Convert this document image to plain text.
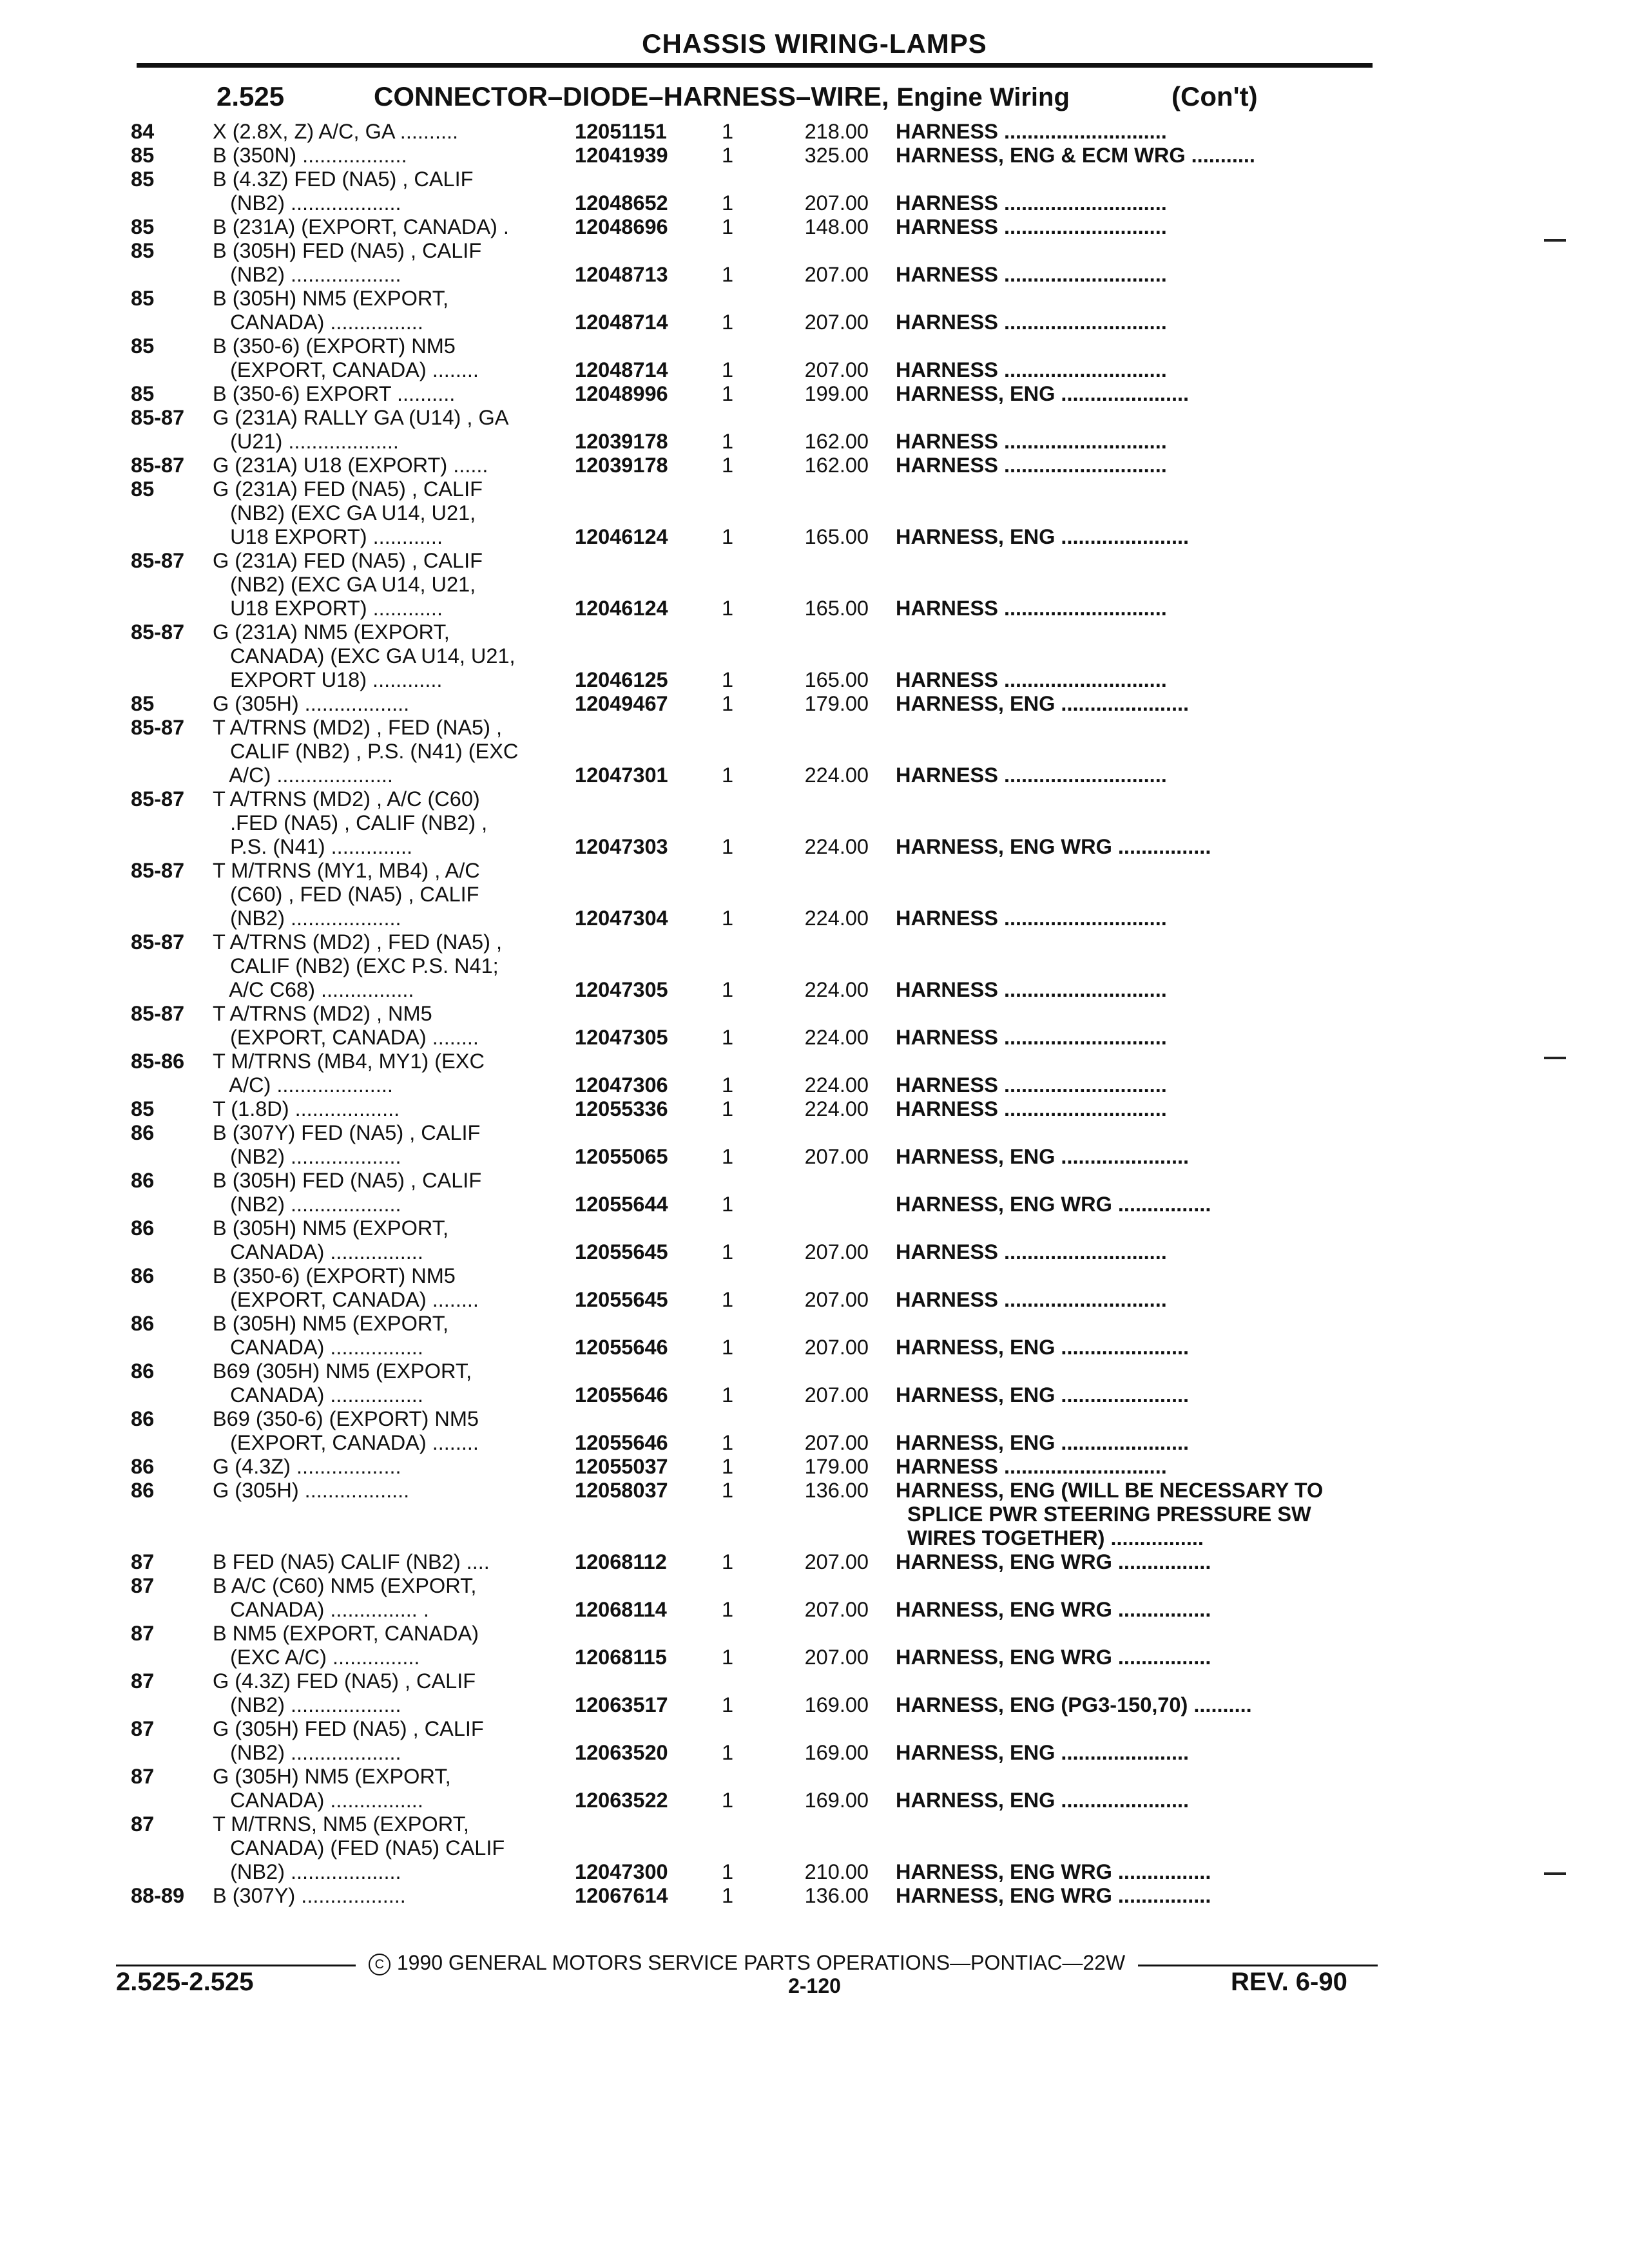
CHASSIS WIRING-LAMPS
2.525	CONNECTOR–DIODE–HARNESS–WIRE, Engine Wiring	(Con't)
84	X (2.8X, Z) A/C, GA ..........	12051151	1	218.00 HARNESS ............................
85	B (350N) ..................	12041939	1	325.00 HARNESS, ENG & ECM WRG ...........
85	B (4.3Z) FED (NA5) , CALIF
(NB2) ...................	12048652	1	207.00 HARNESS ............................
85	B (231A) (EXPORT, CANADA) .	12048696	1	148.00 HARNESS ............................
85	B (305H) FED (NA5) , CALIF
(NB2) ...................	12048713	1	207.00 HARNESS ............................
85	B (305H) NM5 (EXPORT,
CANADA) ................	12048714	1	207.00 HARNESS ............................
85	B (350-6) (EXPORT) NM5
(EXPORT, CANADA) ........	12048714	1	207.00 HARNESS ............................
85	B (350-6) EXPORT ..........	12048996	1	199.00 HARNESS, ENG ......................
85-87	G (231A) RALLY GA (U14) , GA
(U21) ...................	12039178	1	162.00 HARNESS ............................
85-87	G (231A) U18 (EXPORT) ......	12039178	1	162.00 HARNESS ............................
85	G (231A) FED (NA5) , CALIF
(NB2) (EXC GA U14, U21,
U18 EXPORT) ............	12046124	1	165.00 HARNESS, ENG ......................
85-87	G (231A) FED (NA5) , CALIF
(NB2) (EXC GA U14, U21,
U18 EXPORT) ............	12046124	1	165.00 HARNESS ............................
85-87	G (231A) NM5 (EXPORT,
CANADA) (EXC GA U14, U21,
EXPORT U18) ............	12046125	1	165.00 HARNESS ............................
85	G (305H) ..................	12049467	1	179.00 HARNESS, ENG ......................
85-87	T A/TRNS (MD2) , FED (NA5) ,
CALIF (NB2) , P.S. (N41) (EXC
A/C) ....................	12047301	1	224.00 HARNESS ............................
85-87	T A/TRNS (MD2) , A/C (C60)
.FED (NA5) , CALIF (NB2) ,
P.S. (N41) ..............	12047303	1	224.00 HARNESS, ENG WRG ................
85-87	T M/TRNS (MY1, MB4) , A/C
(C60) , FED (NA5) , CALIF
(NB2) ...................	12047304	1	224.00 HARNESS ............................
85-87	T A/TRNS (MD2) , FED (NA5) ,
CALIF (NB2) (EXC P.S. N41;
A/C C68) ................	12047305	1	224.00 HARNESS ............................
85-87	T A/TRNS (MD2) , NM5
(EXPORT, CANADA) ........	12047305	1	224.00 HARNESS ............................
85-86	T M/TRNS (MB4, MY1) (EXC
A/C) ....................	12047306	1	224.00 HARNESS ............................
85	T (1.8D) ..................	12055336	1	224.00 HARNESS ............................
86	B (307Y) FED (NA5) , CALIF
(NB2) ...................	12055065	1	207.00 HARNESS, ENG ......................
86	B (305H) FED (NA5) , CALIF
(NB2) ...................	12055644	1	HARNESS, ENG WRG ................
86	B (305H) NM5 (EXPORT,
CANADA) ................	12055645	1	207.00 HARNESS ............................
86	B (350-6) (EXPORT) NM5
(EXPORT, CANADA) ........	12055645	1	207.00 HARNESS ............................
86	B (305H) NM5 (EXPORT,
CANADA) ................	12055646	1	207.00 HARNESS, ENG ......................
86	B69 (305H) NM5 (EXPORT,
CANADA) ................	12055646	1	207.00 HARNESS, ENG ......................
86	B69 (350-6) (EXPORT) NM5
(EXPORT, CANADA) ........	12055646	1	207.00 HARNESS, ENG ......................
86	G (4.3Z) ..................	12055037	1	179.00 HARNESS ............................
86	G (305H) ..................	12058037	1	136.00 HARNESS, ENG (WILL BE NECESSARY TO
SPLICE PWR STEERING PRESSURE SW
WIRES TOGETHER) ................
87	B FED (NA5) CALIF (NB2) ....	12068112	1	207.00 HARNESS, ENG WRG ................
87	B A/C (C60) NM5 (EXPORT,
CANADA) ............... .	12068114	1	207.00 HARNESS, ENG WRG ................
87	B NM5 (EXPORT, CANADA)
(EXC A/C) ...............	12068115	1	207.00 HARNESS, ENG WRG ................
87	G (4.3Z) FED (NA5) , CALIF
(NB2) ...................	12063517	1	169.00 HARNESS, ENG (PG3-150,70) ..........
87	G (305H) FED (NA5) , CALIF
(NB2) ...................	12063520	1	169.00 HARNESS, ENG ......................
87	G (305H) NM5 (EXPORT,
CANADA) ................	12063522	1	169.00 HARNESS, ENG ......................
87	T M/TRNS, NM5 (EXPORT,
CANADA) (FED (NA5) CALIF
(NB2) ...................	12047300	1	210.00 HARNESS, ENG WRG ................
88-89	B (307Y) ..................	12067614	1	136.00 HARNESS, ENG WRG ................
C 1990 GENERAL MOTORS SERVICE PARTS OPERATIONS—PONTIAC—22W
2.525-2.525	2-120	REV. 6-90
